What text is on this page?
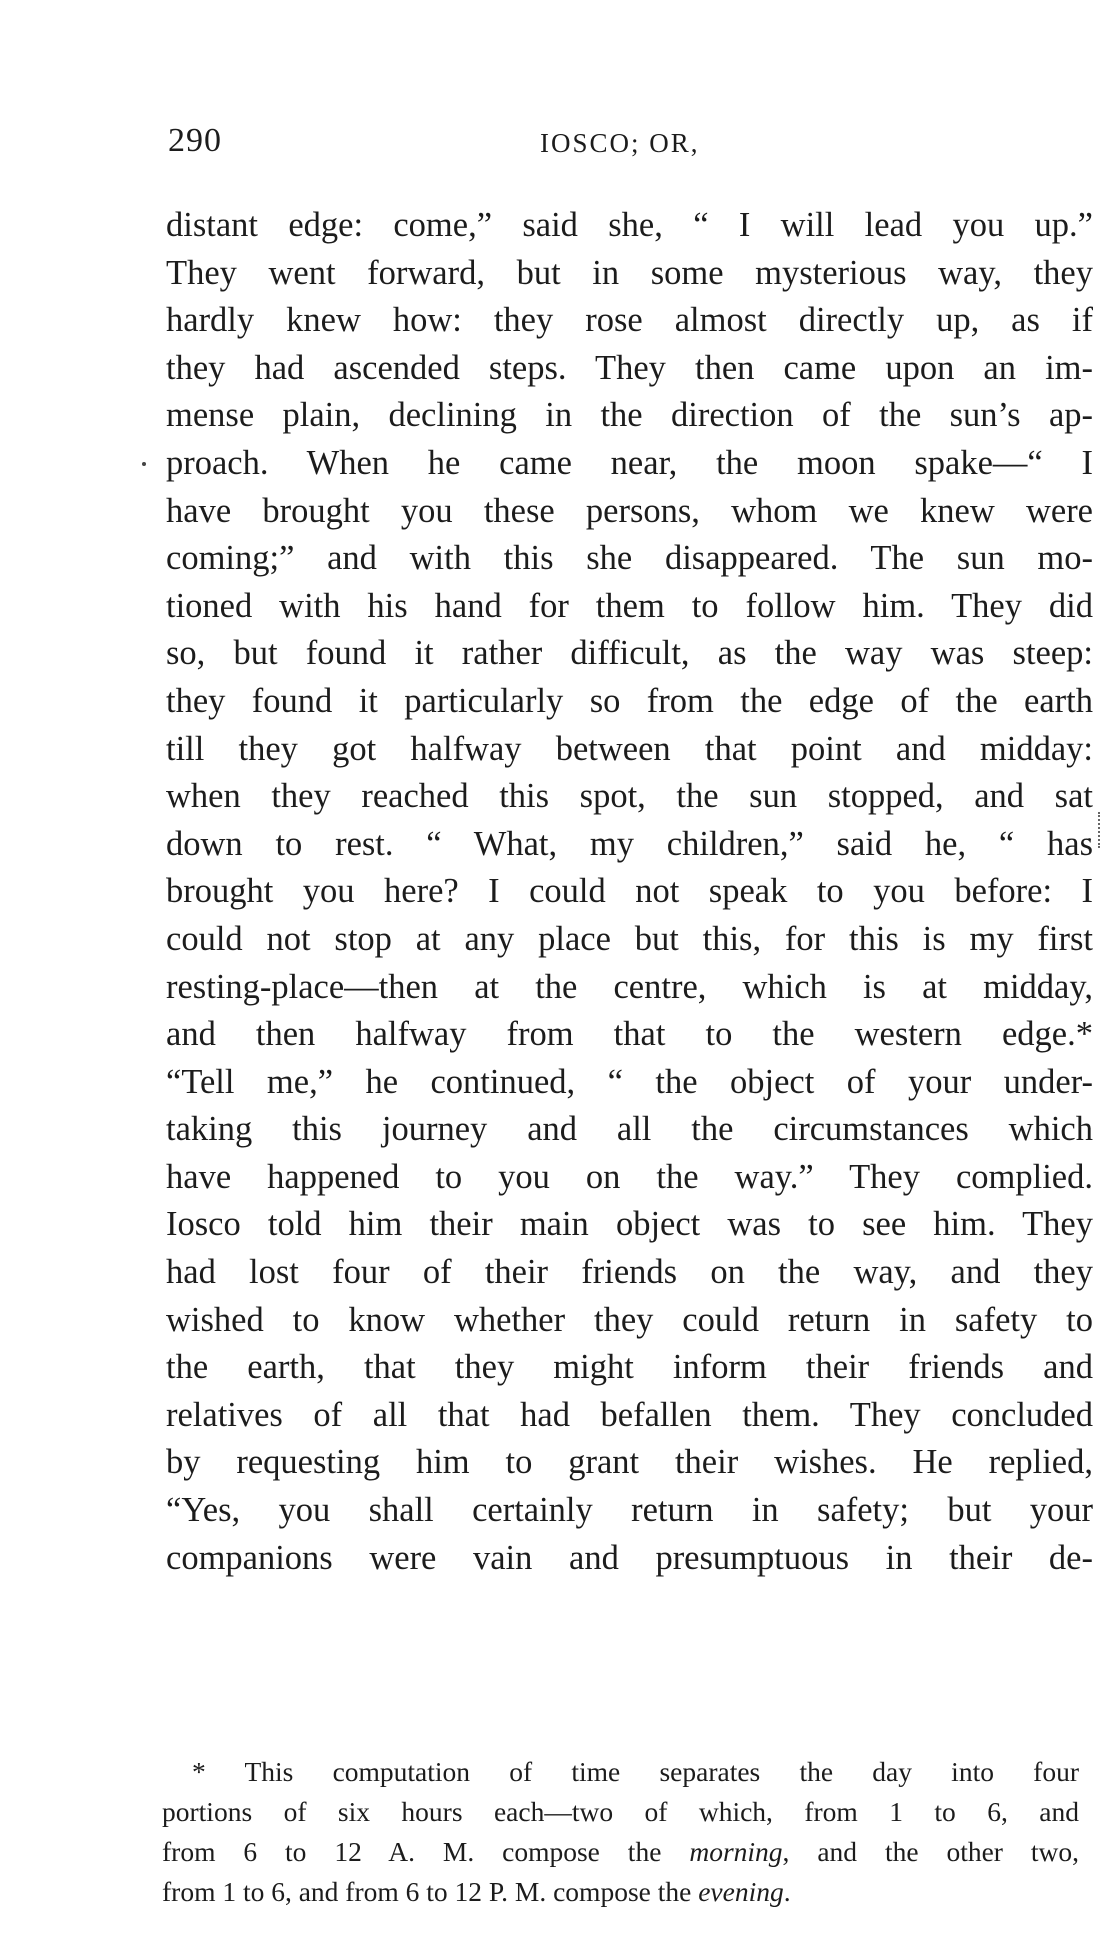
290	IOSCO; OR,
distant edge: come,” said she, “ I will lead you up.”
They went forward, but in some mysterious way, they
hardly knew how: they rose almost directly up, as if
they had ascended steps. They then came upon an im-
mense plain, declining in the direction of the sun’s ap-
proach. When he came near, the moon spake—“ I
have brought you these persons, whom we knew were
coming;” and with this she disappeared. The sun mo-
tioned with his hand for them to follow him. They did
so, but found it rather difficult, as the way was steep:
they found it particularly so from the edge of the earth
till they got halfway between that point and midday:
when they reached this spot, the sun stopped, and sat
down to rest. “ What, my children,” said he, “ has
brought you here? I could not speak to you before: I
could not stop at any place but this, for this is my first
resting-place—then at the centre, which is at midday,
and then halfway from that to the western edge.*
“Tell me,” he continued, “ the object of your under-
taking this journey and all the circumstances which
have happened to you on the way.” They complied.
Iosco told him their main object was to see him. They
had lost four of their friends on the way, and they
wished to know whether they could return in safety to
the earth, that they might inform their friends and
relatives of all that had befallen them. They concluded
by requesting him to grant their wishes. He replied,
“Yes, you shall certainly return in safety; but your
companions were vain and presumptuous in their de-
* This computation of time separates the day into four
portions of six hours each—two of which, from 1 to 6, and
from 6 to 12 A. M. compose the morning, and the other two,
from 1 to 6, and from 6 to 12 P. M. compose the evening.
